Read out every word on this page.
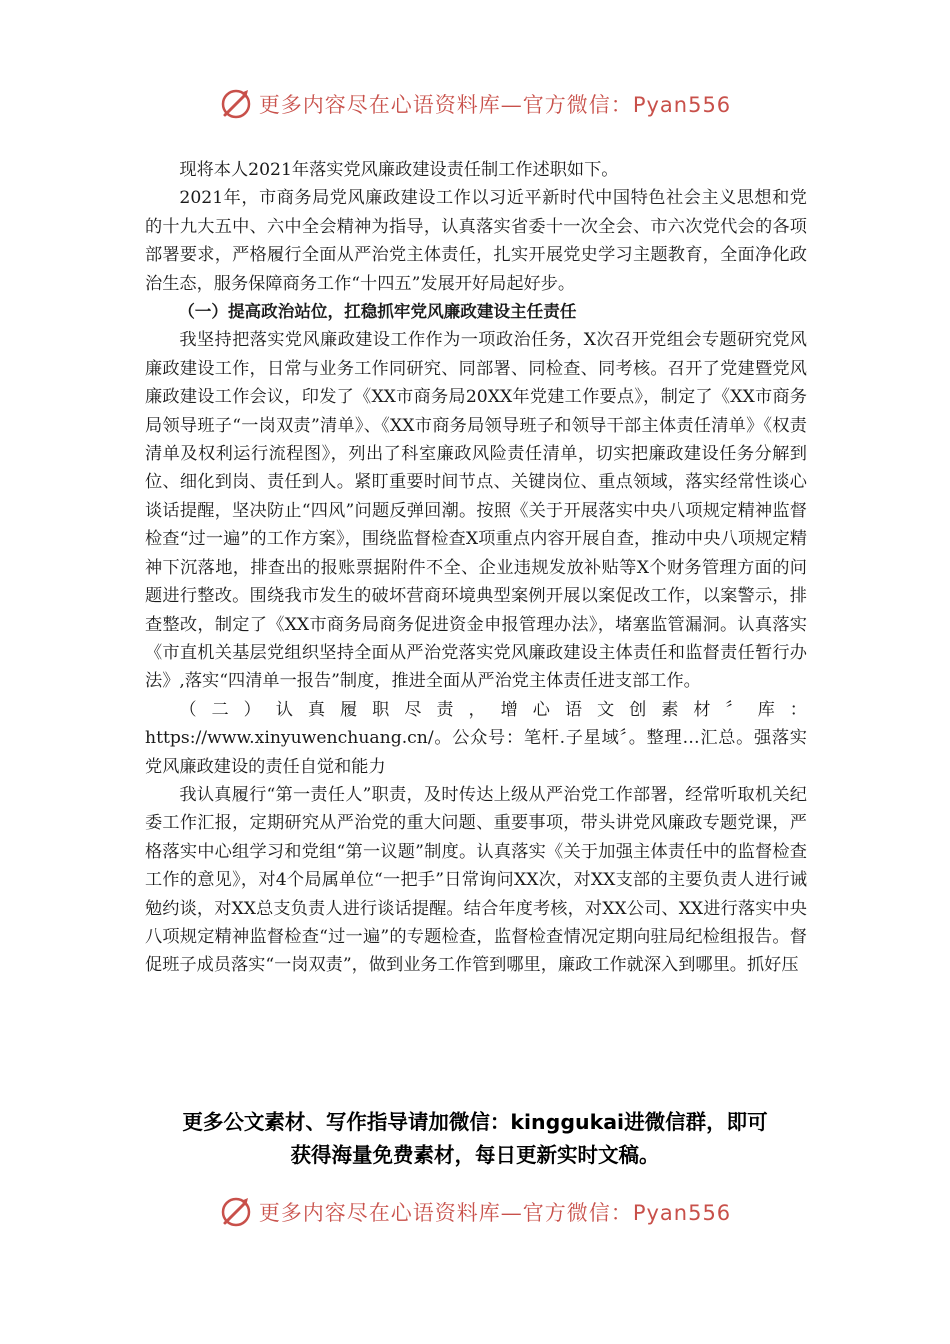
更多内容尽在心语资料库—官方微信：Pyan556

现将本人2021年落实党风廉政建设责任制工作述职如下。

2021年，市商务局党风廉政建设工作以习近平新时代中国特色社会主义思想和党的十九大五中、六中全会精神为指导，认真落实省委十一次全会、市六次党代会的各项部署要求，严格履行全面从严治党主体责任，扎实开展党史学习主题教育，全面净化政治生态，服务保障商务工作“十四五”发展开好局起好步。

（一）提高政治站位，扛稳抓牢党风廉政建设主任责任

我坚持把落实党风廉政建设工作作为一项政治任务，X次召开党组会专题研究党风廉政建设工作，日常与业务工作同研究、同部署、同检查、同考核。召开了党建暨党风廉政建设工作会议，印发了《XX市商务局20XX年党建工作要点》，制定了《XX市商务局领导班子“一岗双责”清单》、《XX市商务局领导班子和领导干部主体责任清单》《权责清单及权利运行流程图》，列出了科室廉政风险责任清单，切实把廉政建设任务分解到位、细化到岗、责任到人。紧盯重要时间节点、关键岗位、重点领域，落实经常性谈心谈话提醒，坚决防止“四风”问题反弹回潮。按照《关于开展落实中央八项规定精神监督检查“过一遍”的工作方案》，围绕监督检查X项重点内容开展自查，推动中央八项规定精神下沉落地，排查出的报账票据附件不全、企业违规发放补贴等X个财务管理方面的问题进行整改。围绕我市发生的破坏营商环境典型案例开展以案促改工作，以案警示，排查整改，制定了《XX市商务局商务促进资金申报管理办法》，堵塞监管漏洞。认真落实《市直机关基层党组织坚持全面从严治党落实党风廉政建设主体责任和监督责任暂行办法》,落实“四清单一报告”制度，推进全面从严治党主体责任进支部工作。

（二）认真履职尽责，增心语文创素材〞库：https://www.xinyuwenchuang.cn/。公众号：笔杆.子星域〞。整理…汇总。强落实党风廉政建设的责任自觉和能力

我认真履行“第一责任人”职责，及时传达上级从严治党工作部署，经常听取机关纪委工作汇报，定期研究从严治党的重大问题、重要事项，带头讲党风廉政专题党课，严格落实中心组学习和党组“第一议题”制度。认真落实《关于加强主体责任中的监督检查工作的意见》，对4个局属单位“一把手”日常询问XX次，对XX支部的主要负责人进行诫勉约谈，对XX总支负责人进行谈话提醒。结合年度考核，对XX公司、XX进行落实中央八项规定精神监督检查“过一遍”的专题检查，监督检查情况定期向驻局纪检组报告。督促班子成员落实“一岗双责”，做到业务工作管到哪里，廉政工作就深入到哪里。抓好压

更多公文素材、写作指导请加微信：kinggukai进微信群，即可
获得海量免费素材，每日更新实时文稿。
更多内容尽在心语资料库—官方微信：Pyan556
